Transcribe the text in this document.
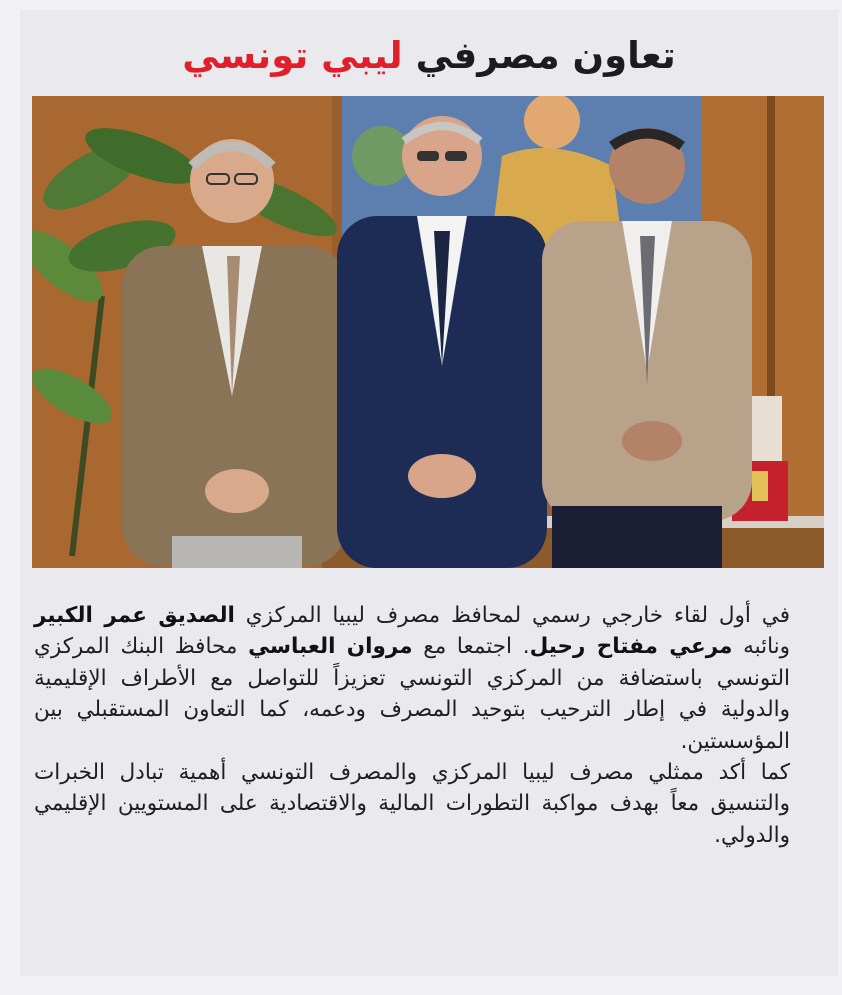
تعاون مصرفي ليبي تونسي

في أول لقاء خارجي رسمي لمحافظ مصرف ليبيا المركزي الصديق عمر الكبير ونائبه مرعي مفتاح رحيل. اجتمعا مع مروان العباسي محافظ البنك المركزي التونسي باستضافة من المركزي التونسي تعزيزاً للتواصل مع الأطراف الإقليمية والدولية في إطار الترحيب بتوحيد المصرف ودعمه، كما التعاون المستقبلي بين المؤسستين.

كما أكد ممثلي مصرف ليبيا المركزي والمصرف التونسي أهمية تبادل الخبرات والتنسيق معاً بهدف مواكبة التطورات المالية والاقتصادية على المستويين الإقليمي والدولي.
